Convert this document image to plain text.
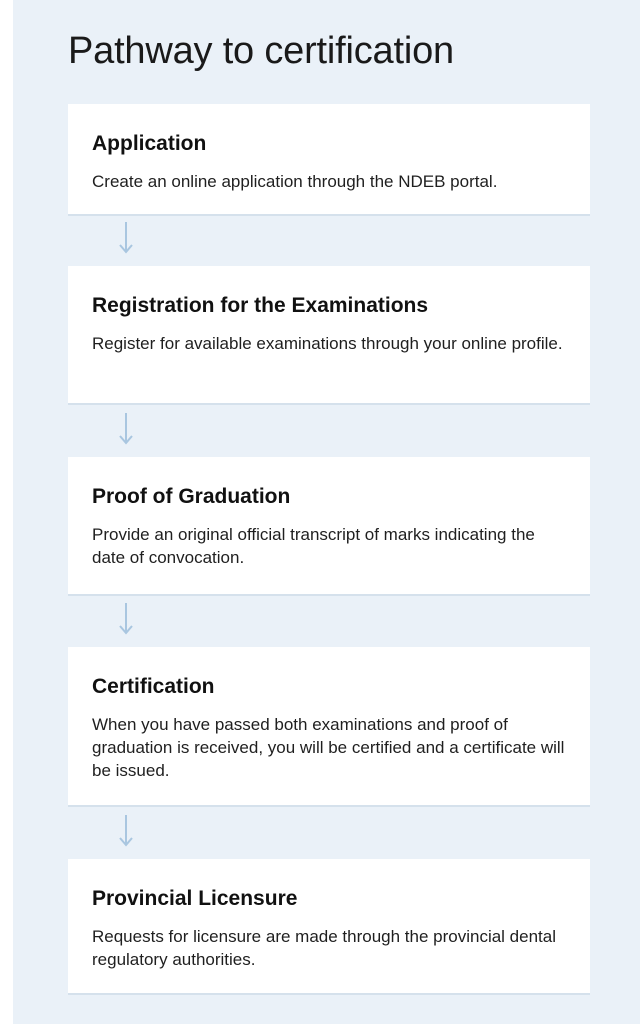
Pathway to certification
Application

Create an online application through the NDEB portal.

Registration for the Examinations

Register for available examinations through your online profile.

Proof of Graduation

Provide an original official transcript of marks indicating the date of convocation.

Certification

When you have passed both examinations and proof of graduation is received, you will be certified and a certificate will be issued.

Provincial Licensure

Requests for licensure are made through the provincial dental regulatory authorities.
